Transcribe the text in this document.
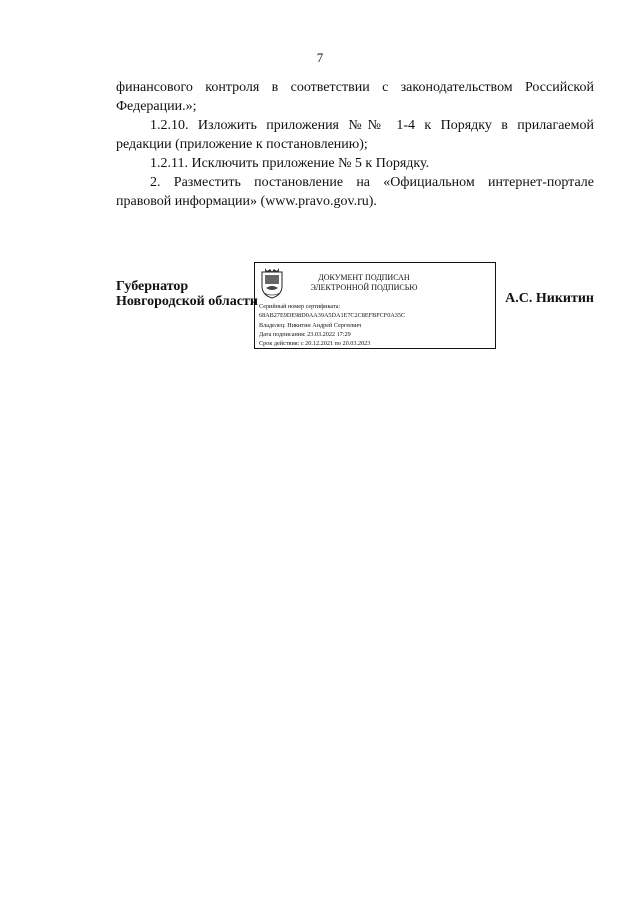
7

финансового контроля в соответствии с законодательством Российской

Федерации.»;

1.2.10. Изложить приложения №№ 1-4 к Порядку в прилагаемой

редакции (приложение к постановлению);

1.2.11. Исключить приложение № 5 к Порядку.

2. Разместить постановление на «Официальном интернет-портале

правовой информации» (www.pravo.gov.ru).

Губернатор
Новгородской области
ДОКУМЕНТ ПОДПИСАН
ЭЛЕКТРОННОЙ ПОДПИСЬЮ
Серийный номер сертификата:
68AB27E9DE98D0AA39A5DA1E7C2C8EFBFCF0A35C
Владелец: Никитин Андрей Сергеевич
Дата подписания: 23.03.2022 17:29
Срок действия: с 20.12.2021 по 20.03.2023
А.С. Никитин
